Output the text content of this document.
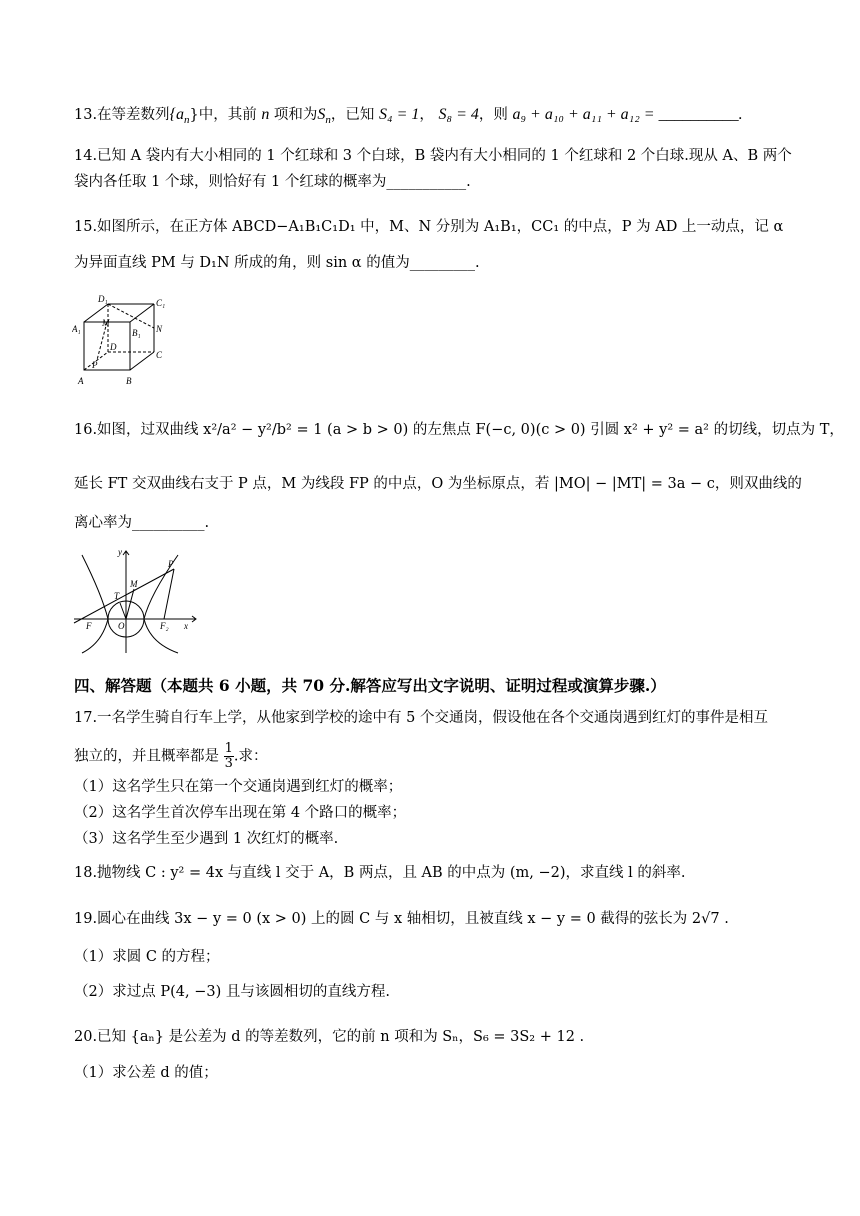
13.在等差数列$\{a_n\}$中，其前 n 项和为$S_n$，已知 S₄ = 1， S₈ = 4，则 a₉ + a₁₀ + a₁₁ + a₁₂ = __________.
14.已知 A 袋内有大小相同的 1 个红球和 3 个白球，B 袋内有大小相同的 1 个红球和 2 个白球.现从 A、B 两个
袋内各任取 1 个球，则恰好有 1 个红球的概率为___________.
15.如图所示，在正方体 ABCD−A₁B₁C₁D₁ 中，M、N 分别为 A₁B₁，CC₁ 的中点，P 为 AD 上一动点，记 α
为异面直线 PM 与 D₁N 所成的角，则 sin α 的值为_________.
D₁	C₁
A₁
M
B₁ N
D
C
P
A	B
16.如图，过双曲线 x²/a² − y²/b² = 1 (a > b > 0) 的左焦点 F(−c, 0)(c > 0) 引圆 x² + y² = a² 的切线，切点为 T，
延长 FT 交双曲线右支于 P 点，M 为线段 FP 的中点，O 为坐标原点，若 |MO| − |MT| = 3a − c，则双曲线的
离心率为__________.
y
P
M
T
F	O	F₂ x
四、解答题（本题共 6 小题，共 70 分.解答应写出文字说明、证明过程或演算步骤.）
17.一名学生骑自行车上学，从他家到学校的途中有 5 个交通岗，假设他在各个交通岗遇到红灯的事件是相互
独立的，并且概率都是 $\frac{1}{3}$ .求：
（1）这名学生只在第一个交通岗遇到红灯的概率；
（2）这名学生首次停车出现在第 4 个路口的概率；
（3）这名学生至少遇到 1 次红灯的概率.
18.抛物线 C : y² = 4x 与直线 l 交于 A，B 两点，且 AB 的中点为 (m, −2)，求直线 l 的斜率.
19.圆心在曲线 3x − y = 0 (x > 0) 上的圆 C 与 x 轴相切，且被直线 x − y = 0 截得的弦长为 2√7 .
（1）求圆 C 的方程；
（2）求过点 P(4, −3) 且与该圆相切的直线方程.
20.已知 {aₙ} 是公差为 d 的等差数列，它的前 n 项和为 Sₙ，S₆ = 3S₂ + 12 .
（1）求公差 d 的值；
